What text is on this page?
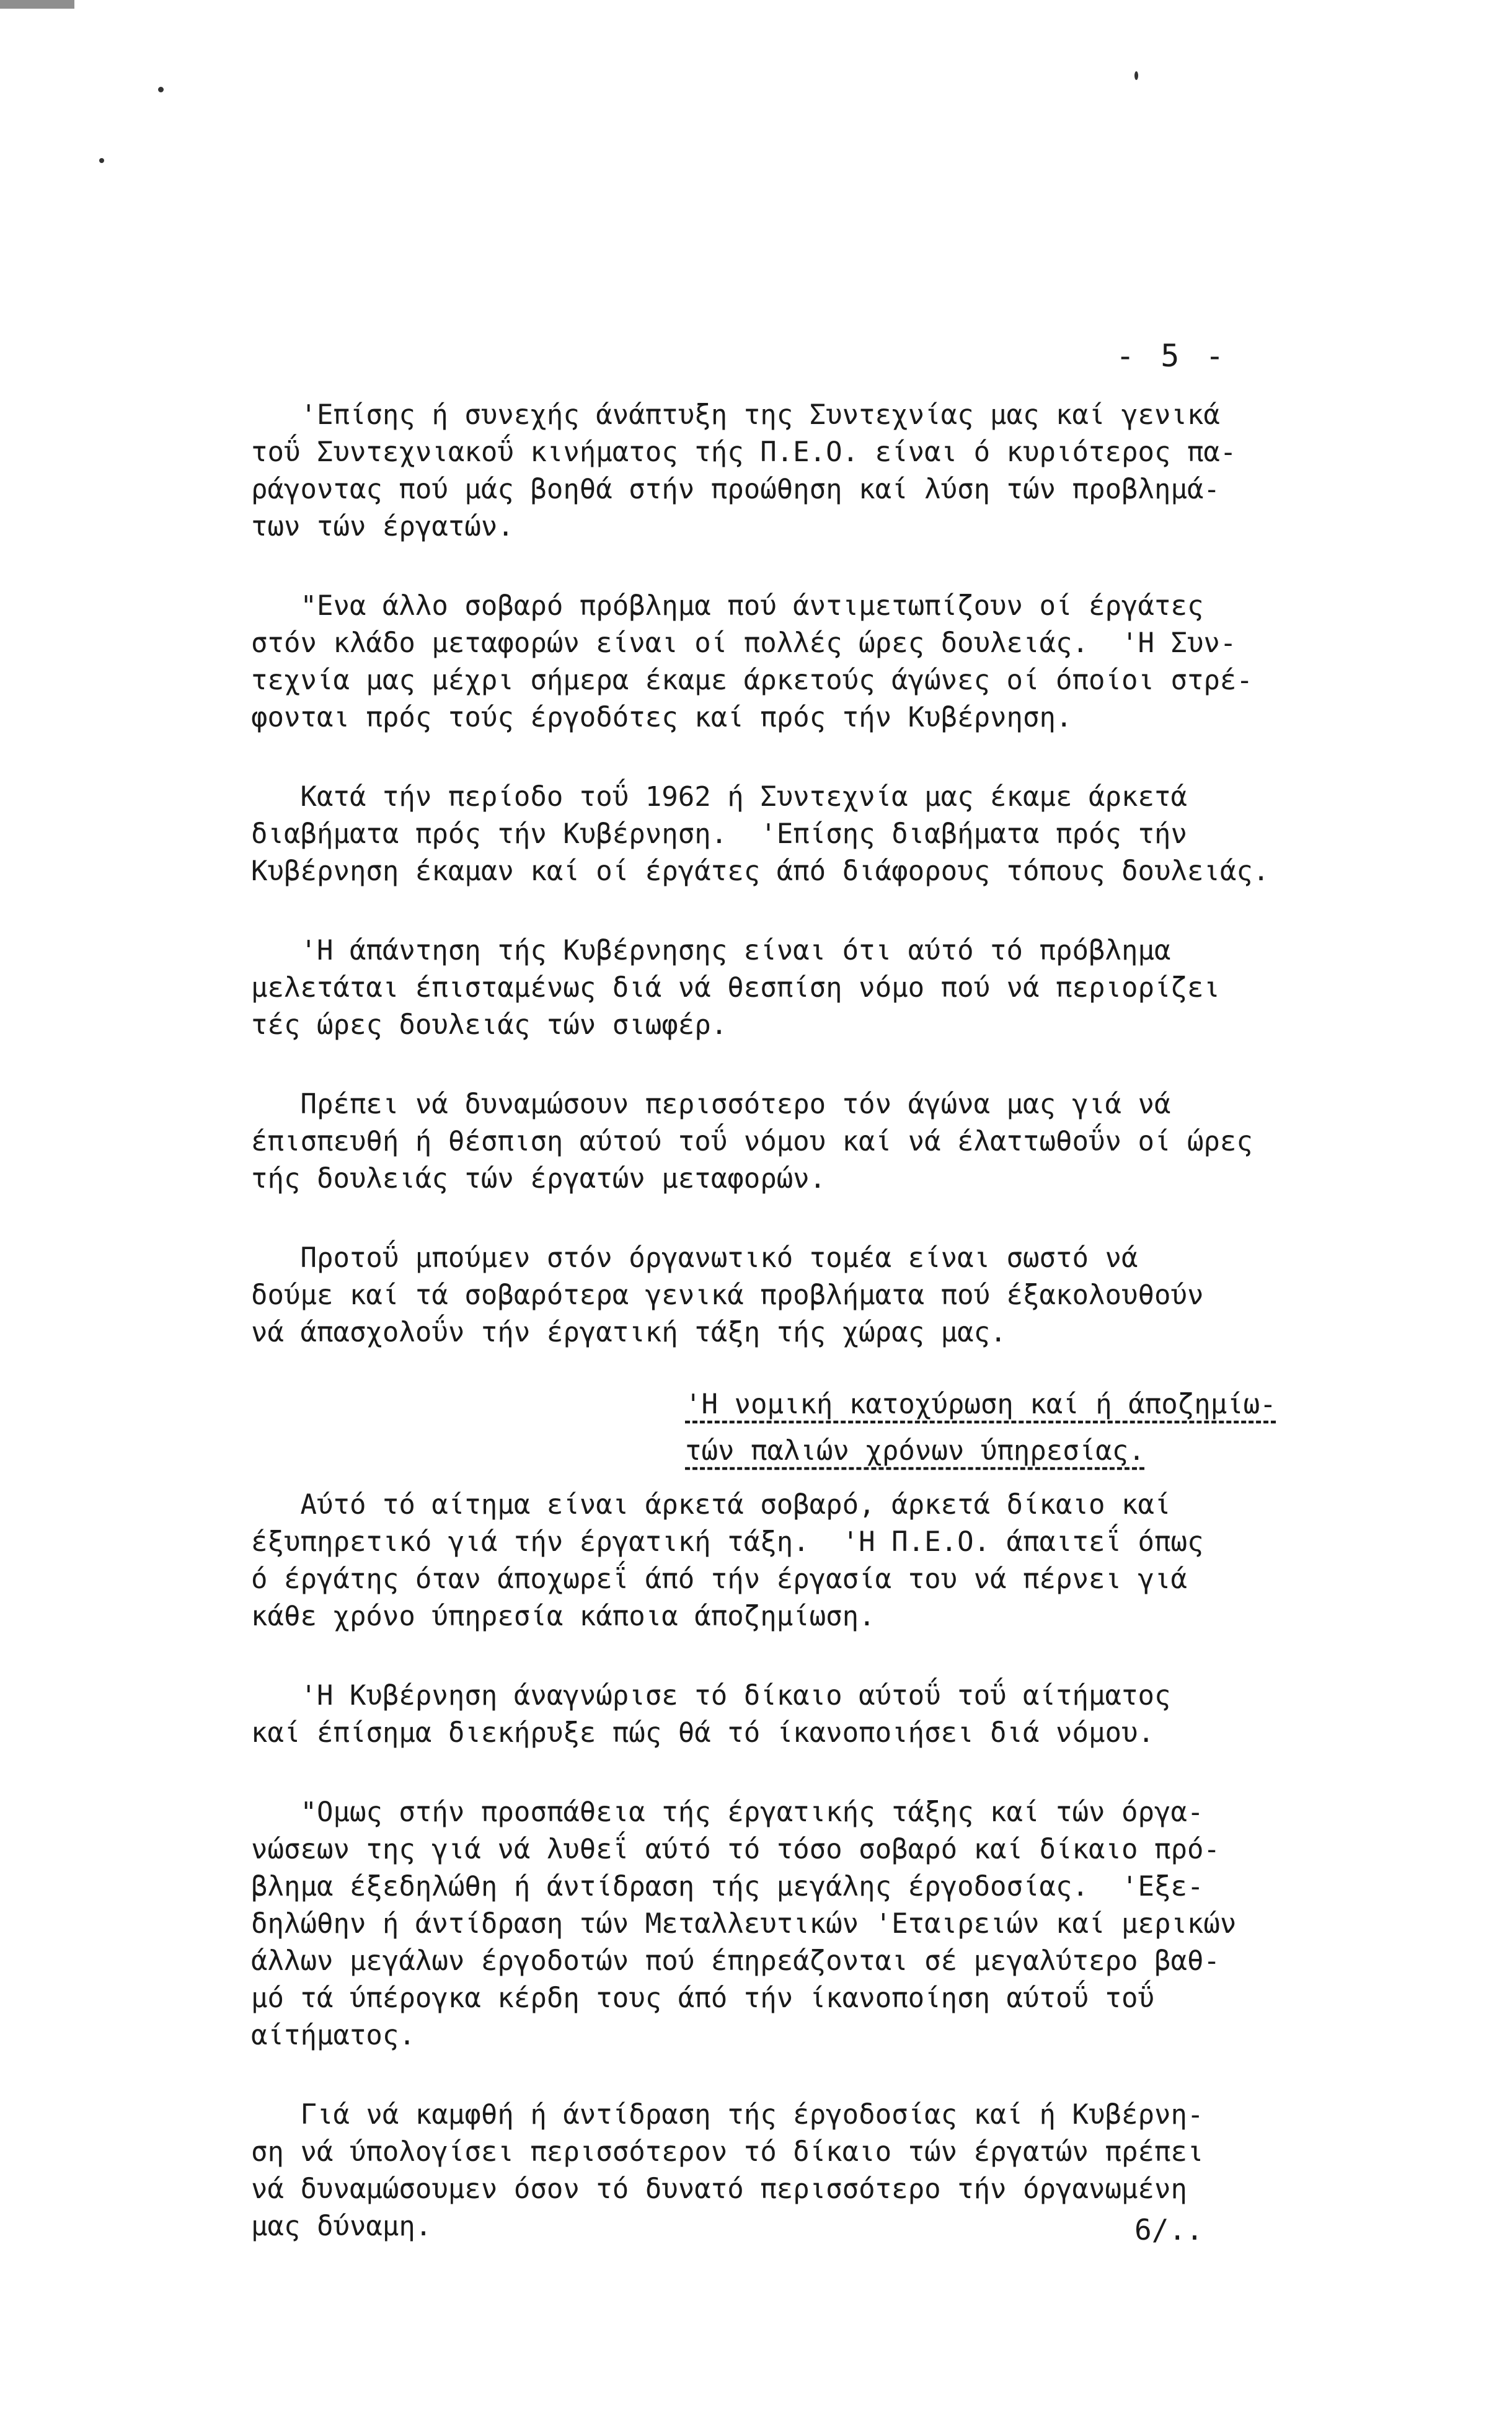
- 5 -

'Επίσης ή συνεχής άνάπτυξη της Συντεχνίας μας καί γενικά
τοΰ Συντεχνιακοΰ κινήματος τής Π.Ε.Ο. είναι ό κυριότερος πα-
ράγοντας πού μάς βοηθά στήν προώθηση καί λύση τών προβλημά-
των τών έργατών.

"Ενα άλλο σοβαρό πρόβλημα πού άντιμετωπίζουν οί έργάτες
στόν κλάδο μεταφορών είναι οί πολλές ώρες δουλειάς.  'Η Συν-
τεχνία μας μέχρι σήμερα έκαμε άρκετούς άγώνες οί όποίοι στρέ-
φονται πρός τούς έργοδότες καί πρός τήν Κυβέρνηση.

Κατά τήν περίοδο τοΰ 1962 ή Συντεχνία μας έκαμε άρκετά
διαβήματα πρός τήν Κυβέρνηση.  'Επίσης διαβήματα πρός τήν
Κυβέρνηση έκαμαν καί οί έργάτες άπό διάφορους τόπους δουλειάς.

'Η άπάντηση τής Κυβέρνησης είναι ότι αύτό τό πρόβλημα
μελετάται έπισταμένως διά νά θεσπίση νόμο πού νά περιορίζει
τές ώρες δουλειάς τών σιωφέρ.

Πρέπει νά δυναμώσουν περισσότερο τόν άγώνα μας γιά νά
έπισπευθή ή θέσπιση αύτού τοΰ νόμου καί νά έλαττωθοΰν οί ώρες
τής δουλειάς τών έργατών μεταφορών.

Προτοΰ μπούμεν στόν όργανωτικό τομέα είναι σωστό νά
δούμε καί τά σοβαρότερα γενικά προβλήματα πού έξακολουθούν
νά άπασχολοΰν τήν έργατική τάξη τής χώρας μας.

'Η νομική κατοχύρωση καί ή άποζημίω-
τών παλιών χρόνων ύπηρεσίας.

Αύτό τό αίτημα είναι άρκετά σοβαρό, άρκετά δίκαιο καί
έξυπηρετικό γιά τήν έργατική τάξη.  'Η Π.Ε.Ο. άπαιτεΐ όπως
ό έργάτης όταν άποχωρεΐ άπό τήν έργασία του νά πέρνει γιά
κάθε χρόνο ύπηρεσία κάποια άποζημίωση.

'Η Κυβέρνηση άναγνώρισε τό δίκαιο αύτοΰ τοΰ αίτήματος
καί έπίσημα διεκήρυξε πώς θά τό ίκανοποιήσει διά νόμου.

"Ομως στήν προσπάθεια τής έργατικής τάξης καί τών όργα-
νώσεων της γιά νά λυθεΐ αύτό τό τόσο σοβαρό καί δίκαιο πρό-
βλημα έξεδηλώθη ή άντίδραση τής μεγάλης έργοδοσίας.  'Εξε-
δηλώθην ή άντίδραση τών Μεταλλευτικών 'Εταιρειών καί μερικών
άλλων μεγάλων έργοδοτών πού έπηρεάζονται σέ μεγαλύτερο βαθ-
μό τά ύπέρογκα κέρδη τους άπό τήν ίκανοποίηση αύτοΰ τοΰ
αίτήματος.

Γιά νά καμφθή ή άντίδραση τής έργοδοσίας καί ή Κυβέρνη-
ση νά ύπολογίσει περισσότερον τό δίκαιο τών έργατών πρέπει
νά δυναμώσουμεν όσον τό δυνατό περισσότερο τήν όργανωμένη
μας δύναμη.	6/..
